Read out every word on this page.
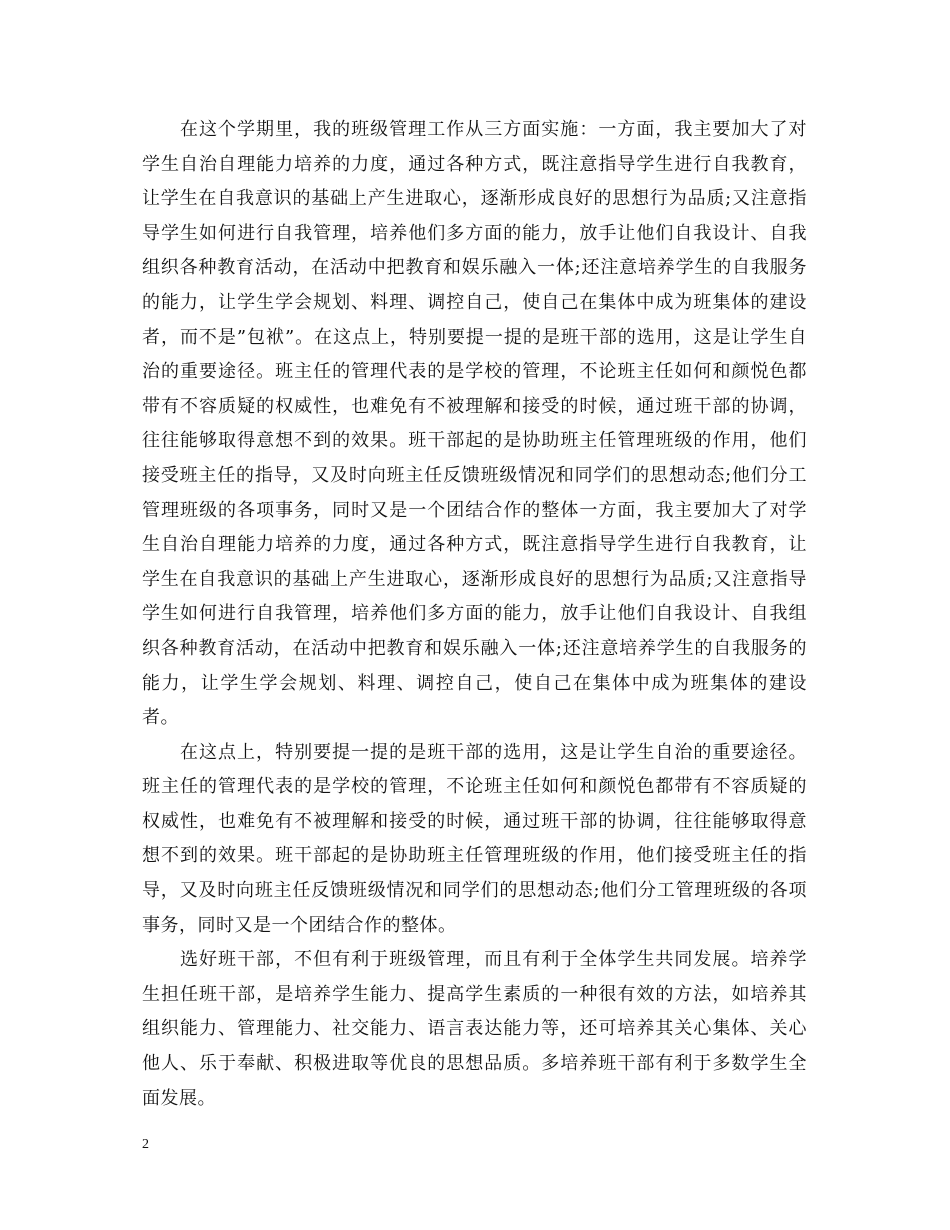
在这个学期里，我的班级管理工作从三方面实施：一方面，我主要加大了对学生自治自理能力培养的力度，通过各种方式，既注意指导学生进行自我教育，让学生在自我意识的基础上产生进取心，逐渐形成良好的思想行为品质;又注意指导学生如何进行自我管理，培养他们多方面的能力，放手让他们自我设计、自我组织各种教育活动，在活动中把教育和娱乐融入一体;还注意培养学生的自我服务的能力，让学生学会规划、料理、调控自己，使自己在集体中成为班集体的建设者，而不是”包袱”。在这点上，特别要提一提的是班干部的选用，这是让学生自治的重要途径。班主任的管理代表的是学校的管理，不论班主任如何和颜悦色都带有不容质疑的权威性，也难免有不被理解和接受的时候，通过班干部的协调，往往能够取得意想不到的效果。班干部起的是协助班主任管理班级的作用，他们接受班主任的指导，又及时向班主任反馈班级情况和同学们的思想动态;他们分工管理班级的各项事务，同时又是一个团结合作的整体一方面，我主要加大了对学生自治自理能力培养的力度，通过各种方式，既注意指导学生进行自我教育，让学生在自我意识的基础上产生进取心，逐渐形成良好的思想行为品质;又注意指导学生如何进行自我管理，培养他们多方面的能力，放手让他们自我设计、自我组织各种教育活动，在活动中把教育和娱乐融入一体;还注意培养学生的自我服务的能力，让学生学会规划、料理、调控自己，使自己在集体中成为班集体的建设者。

在这点上，特别要提一提的是班干部的选用，这是让学生自治的重要途径。班主任的管理代表的是学校的管理，不论班主任如何和颜悦色都带有不容质疑的权威性，也难免有不被理解和接受的时候，通过班干部的协调，往往能够取得意想不到的效果。班干部起的是协助班主任管理班级的作用，他们接受班主任的指导，又及时向班主任反馈班级情况和同学们的思想动态;他们分工管理班级的各项事务，同时又是一个团结合作的整体。

选好班干部，不但有利于班级管理，而且有利于全体学生共同发展。培养学生担任班干部，是培养学生能力、提高学生素质的一种很有效的方法，如培养其组织能力、管理能力、社交能力、语言表达能力等，还可培养其关心集体、关心他人、乐于奉献、积极进取等优良的思想品质。多培养班干部有利于多数学生全面发展。

2
